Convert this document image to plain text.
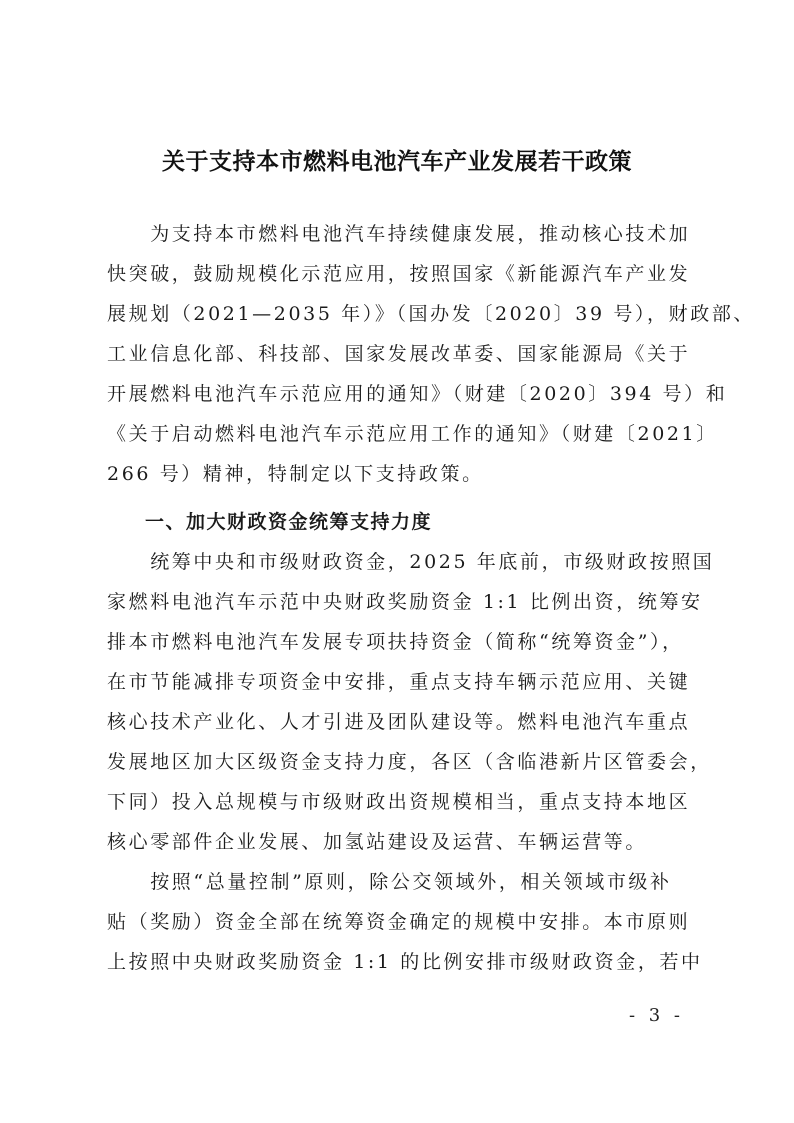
关于支持本市燃料电池汽车产业发展若干政策
　　为支持本市燃料电池汽车持续健康发展，推动核心技术加
快突破，鼓励规模化示范应用，按照国家《新能源汽车产业发
展规划（2021—2035 年）》（国办发〔2020〕39 号），财政部、
工业信息化部、科技部、国家发展改革委、国家能源局《关于
开展燃料电池汽车示范应用的通知》（财建〔2020〕394 号）和
《关于启动燃料电池汽车示范应用工作的通知》（财建〔2021〕
266 号）精神，特制定以下支持政策。
一、加大财政资金统筹支持力度
　　统筹中央和市级财政资金，2025 年底前，市级财政按照国
家燃料电池汽车示范中央财政奖励资金 1:1 比例出资，统筹安
排本市燃料电池汽车发展专项扶持资金（简称“统筹资金”），
在市节能减排专项资金中安排，重点支持车辆示范应用、关键
核心技术产业化、人才引进及团队建设等。燃料电池汽车重点
发展地区加大区级资金支持力度，各区（含临港新片区管委会，
下同）投入总规模与市级财政出资规模相当，重点支持本地区
核心零部件企业发展、加氢站建设及运营、车辆运营等。
　　按照“总量控制”原则，除公交领域外，相关领域市级补
贴（奖励）资金全部在统筹资金确定的规模中安排。本市原则
上按照中央财政奖励资金 1:1 的比例安排市级财政资金，若中
- 3 -
